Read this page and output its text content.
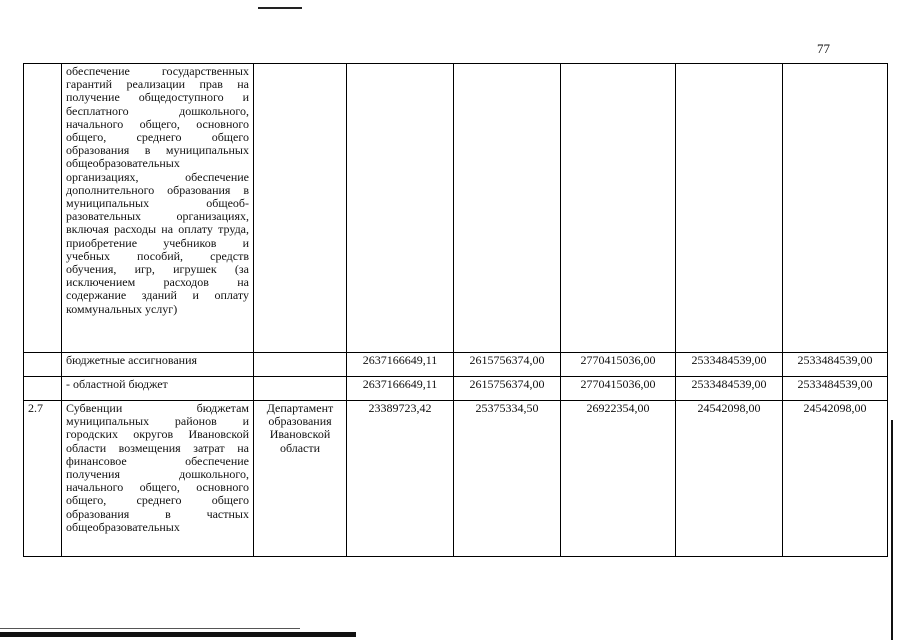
77
	обеспечение государственных гарантий реализации прав на получение общедоступного и бесплатного дошкольного, начального общего, основного общего, среднего общего образования в муниципальных общеобразовательных организациях, обеспечение дополнительного образования в муниципальных общеоб-разовательных организациях, включая расходы на оплату труда, приобретение учебников и учебных пособий, средств обучения, игр, игрушек (за исключением расходов на содержание зданий и оплату коммунальных услуг)						
	бюджетные ассигнования		2637166649,11	2615756374,00	2770415036,00	2533484539,00	2533484539,00
	- областной бюджет		2637166649,11	2615756374,00	2770415036,00	2533484539,00	2533484539,00
2.7	Субвенции бюджетам муниципальных районов и городских округов Ивановской области возмещения затрат на финансовое обеспечение получения дошкольного, начального общего, основного общего, среднего общего образования в частных общеобразовательных	Департамент образования Ивановской области	23389723,42	25375334,50	26922354,00	24542098,00	24542098,00
